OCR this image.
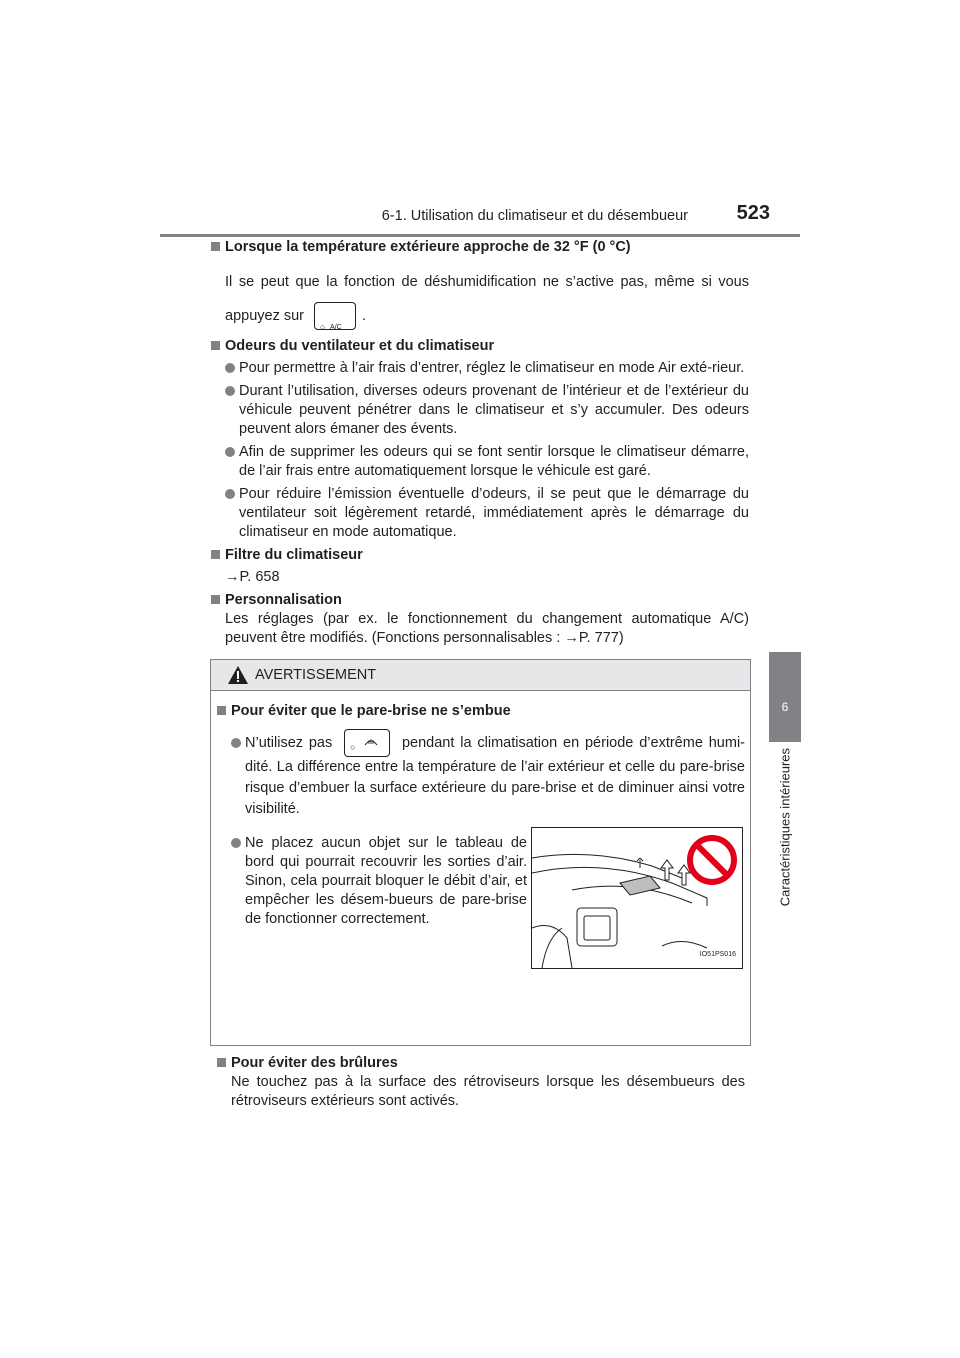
6-1. Utilisation du climatiseur et du désembueur 523
6
Caractéristiques intérieures

Lorsque la température extérieure approche de 32 °F (0 °C)

Il se peut que la fonction de déshumidification ne s’active pas, même si vous appuyez sur
○ A/C
.

Odeurs du ventilateur et du climatiseur

Pour permettre à l’air frais d’entrer, réglez le climatiseur en mode Air exté-rieur.
Durant l’utilisation, diverses odeurs provenant de l’intérieur et de l’extérieur du véhicule peuvent pénétrer dans le climatiseur et s’y accumuler. Des odeurs peuvent alors émaner des évents.
Afin de supprimer les odeurs qui se font sentir lorsque le climatiseur démarre, de l’air frais entre automatiquement lorsque le véhicule est garé.
Pour réduire l’émission éventuelle d’odeurs, il se peut que le démarrage du ventilateur soit légèrement retardé, immédiatement après le démarrage du climatiseur en mode automatique.

Filtre du climatiseur

→P. 658

Personnalisation

Les réglages (par ex. le fonctionnement du changement automatique A/C) peuvent être modifiés. (Fonctions personnalisables : →P. 777)

AVERTISSEMENT

Pour éviter que le pare-brise ne s’embue

N’utilisez pas ○	pendant la climatisation en période d’extrême humi-dité. La différence entre la température de l’air extérieur et celle du pare-brise risque d’embuer la surface extérieure du pare-brise et de diminuer ainsi votre visibilité.
Ne placez aucun objet sur le tableau de bord qui pourrait recouvrir les sorties d’air. Sinon, cela pourrait bloquer le débit d’air, et empêcher les désem-bueurs de pare-brise de fonctionner correctement.
IO51PS016

Pour éviter des brûlures

Ne touchez pas à la surface des rétroviseurs lorsque les désembueurs des rétroviseurs extérieurs sont activés.
